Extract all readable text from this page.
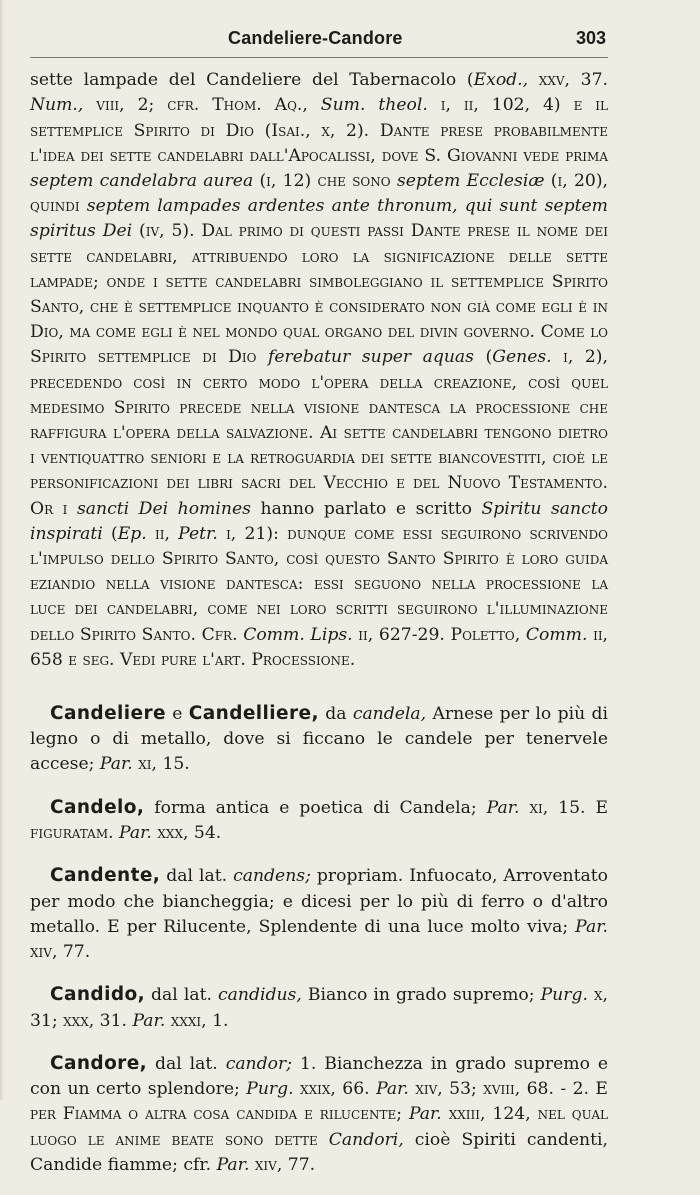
Candeliere-Candore	303

sette lampade del Candeliere del Tabernacolo (Exod., xxv, 37. Num., viii, 2; cfr. Thom. Aq., Sum. theol. i, ii, 102, 4) e il settemplice Spirito di Dio (Isai., x, 2). Dante prese probabilmente l'idea dei sette candelabri dall'Apocalissi, dove S. Giovanni vede prima septem candelabra aurea (i, 12) che sono septem Ecclesiæ (i, 20), quindi septem lampades ardentes ante thronum, qui sunt septem spiritus Dei (iv, 5). Dal primo di questi passi Dante prese il nome dei sette candelabri, attribuendo loro la significazione delle sette lampade; onde i sette candelabri simboleggiano il settemplice Spirito Santo, che è settemplice inquanto è considerato non già come egli è in Dio, ma come egli è nel mondo qual organo del divin governo. Come lo Spirito settemplice di Dio ferebatur super aquas (Genes. i, 2), precedendo così in certo modo l'opera della creazione, così quel medesimo Spirito precede nella visione dantesca la processione che raffigura l'opera della salvazione. Ai sette candelabri tengono dietro i ventiquattro seniori e la retroguardia dei sette biancovestiti, cioè le personificazioni dei libri sacri del Vecchio e del Nuovo Testamento. Or i sancti Dei homines hanno parlato e scritto Spiritu sancto inspirati (Ep. ii, Petr. i, 21): dunque come essi seguirono scrivendo l'impulso dello Spirito Santo, così questo Santo Spirito è loro guida eziandio nella visione dantesca: essi seguono nella processione la luce dei candelabri, come nei loro scritti seguirono l'illuminazione dello Spirito Santo. Cfr. Comm. Lips. ii, 627-29. Poletto, Comm. ii, 658 e seg. Vedi pure l'art. Processione.

Candeliere e Candelliere, da candela, Arnese per lo più di legno o di metallo, dove si ficcano le candele per tenervele accese; Par. xi, 15.

Candelo, forma antica e poetica di Candela; Par. xi, 15. E figuratam. Par. xxx, 54.

Candente, dal lat. candens; propriam. Infuocato, Arroventato per modo che biancheggia; e dicesi per lo più di ferro o d'altro metallo. E per Rilucente, Splendente di una luce molto viva; Par. xiv, 77.

Candido, dal lat. candidus, Bianco in grado supremo; Purg. x, 31; xxx, 31. Par. xxxi, 1.

Candore, dal lat. candor; 1. Bianchezza in grado supremo e con un certo splendore; Purg. xxix, 66. Par. xiv, 53; xviii, 68. - 2. E per Fiamma o altra cosa candida e rilucente; Par. xxiii, 124, nel qual luogo le anime beate sono dette Candori, cioè Spiriti candenti, Candide fiamme; cfr. Par. xiv, 77.
